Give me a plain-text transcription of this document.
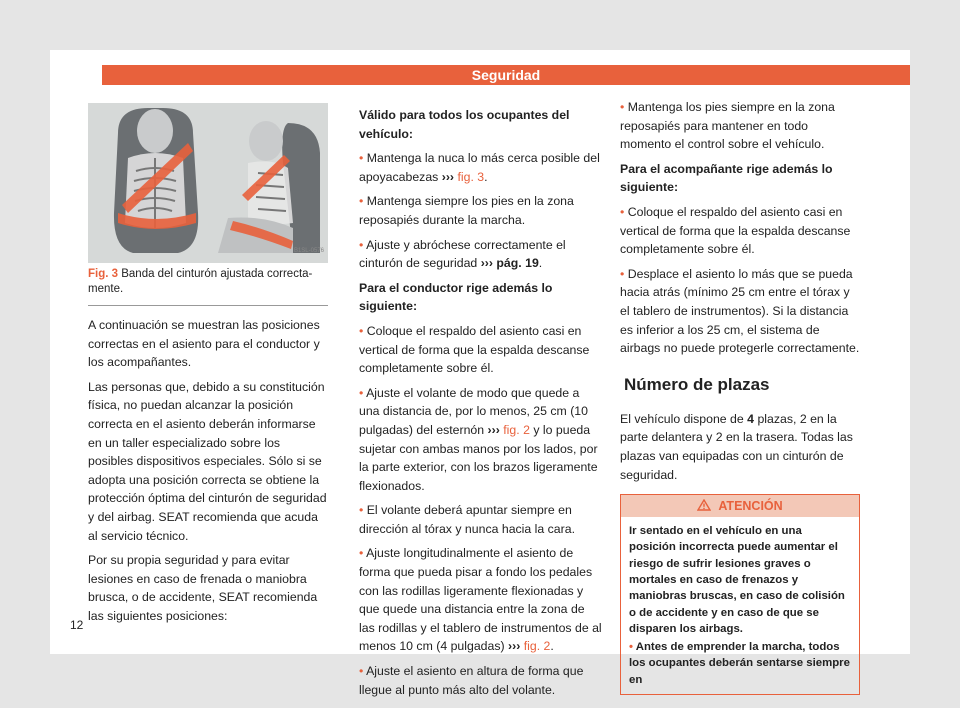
Seguridad
B1SL-0576
Fig. 3 Banda del cinturón ajustada correcta- mente.

A continuación se muestran las posiciones correctas en el asiento para el conductor y los acompañantes.

Las personas que, debido a su constitución física, no puedan alcanzar la posición correcta en el asiento deberán informarse en un taller especializado sobre los posibles dispositivos especiales. Sólo si se adopta una posición correcta se obtiene la protección óptima del cinturón de seguridad y del airbag. SEAT recomienda que acuda al servicio técnico.

Por su propia seguridad y para evitar lesiones en caso de frenada o maniobra brusca, o de accidente, SEAT recomienda las siguientes posiciones:

Válido para todos los ocupantes del vehículo:
• Mantenga la nuca lo más cerca posible del apoyacabezas ››› fig. 3.
• Mantenga siempre los pies en la zona reposapiés durante la marcha.
• Ajuste y abróchese correctamente el cinturón de seguridad ››› pág. 19.
Para el conductor rige además lo siguiente:
• Coloque el respaldo del asiento casi en vertical de forma que la espalda descanse completamente sobre él.
• Ajuste el volante de modo que quede a una distancia de, por lo menos, 25 cm (10 pulgadas) del esternón ››› fig. 2 y lo pueda sujetar con ambas manos por los lados, por la parte exterior, con los brazos ligeramente flexionados.
• El volante deberá apuntar siempre en dirección al tórax y nunca hacia la cara.
• Ajuste longitudinalmente el asiento de forma que pueda pisar a fondo los pedales con las rodillas ligeramente flexionadas y que quede una distancia entre la zona de las rodillas y el tablero de instrumentos de al menos 10 cm (4 pulgadas) ››› fig. 2.
• Ajuste el asiento en altura de forma que llegue al punto más alto del volante.
• Mantenga los pies siempre en la zona reposapiés para mantener en todo momento el control sobre el vehículo.
Para el acompañante rige además lo siguiente:
• Coloque el respaldo del asiento casi en vertical de forma que la espalda descanse completamente sobre él.
• Desplace el asiento lo más que se pueda hacia atrás (mínimo 25 cm entre el tórax y el tablero de instrumentos). Si la distancia es inferior a los 25 cm, el sistema de airbags no puede protegerle correctamente.
Número de plazas

El vehículo dispone de 4 plazas, 2 en la parte delantera y 2 en la trasera. Todas las plazas van equipadas con un cinturón de seguridad.

ATENCIÓN

Ir sentado en el vehículo en una posición incorrecta puede aumentar el riesgo de sufrir lesiones graves o mortales en caso de frenazos y maniobras bruscas, en caso de colisión o de accidente y en caso de que se disparen los airbags.

• Antes de emprender la marcha, todos los ocupantes deberán sentarse siempre en

12
